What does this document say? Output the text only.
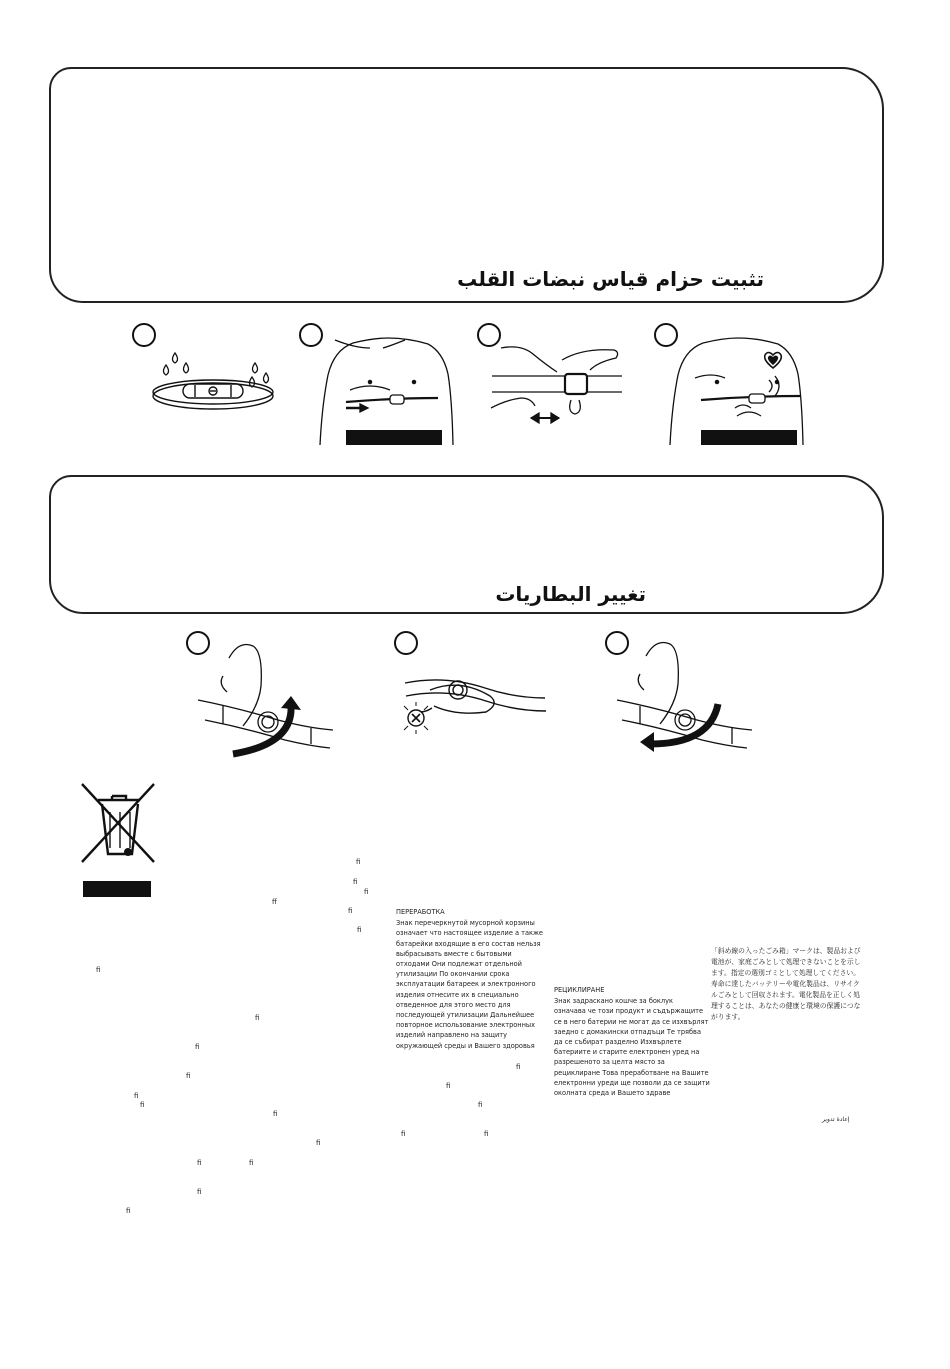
تثبيت حزام قياس نبضات القلب
تغيير البطاريات
ﬁ
ﬁ
ﬁ
ﬀ
ﬁ
ﬁ
ﬁ
ﬁ
ﬁ
ﬁ
ﬁ
ﬁ
ﬁ
ﬁ
ﬁ	ﬁ
ﬁ
ﬁ
ﬁ
ﬁ
ﬁ
ﬁ	ﬁ

ПЕРЕРАБОТКА

Знак перечеркнутой мусорной корзины

означает что настоящее изделие а также

батарейки входящие в его состав нельзя

выбрасывать вместе с бытовыми

отходами Они подлежат отдельной

утилизации По окончании срока

эксплуатации батареек и электронного

изделия отнесите их в специально

отведенное для этого место для

последующей утилизации Дальнейшее

повторное использование электронных

изделий направлено на защиту

окружающей среды и Вашего здоровья

РЕЦИКЛИРАНЕ

Знак задраскано кошче за боклук

означава че този продукт и съдържащите

се в него батерии не могат да се изхвърлят

заедно с домакински отпадъци Те трябва

да се събират разделно Изхвърлете

батериите и старите електронен уред на

разрешеното за целта място за

рециклиране Това преработване на Вашите

електронни уреди ще позволи да се защити

околната среда и Вашето здраве

「斜め線の入ったごみ箱」マークは、製品および電池が、家庭ごみとして処理できないことを示します。指定の選別ゴミとして処理してください。寿命に達したバッテリーや電化製品は、リサイクルごみとして回収されます。電化製品を正しく処理することは、あなたの健康と環境の保護につながります。
إعادة تدوير
